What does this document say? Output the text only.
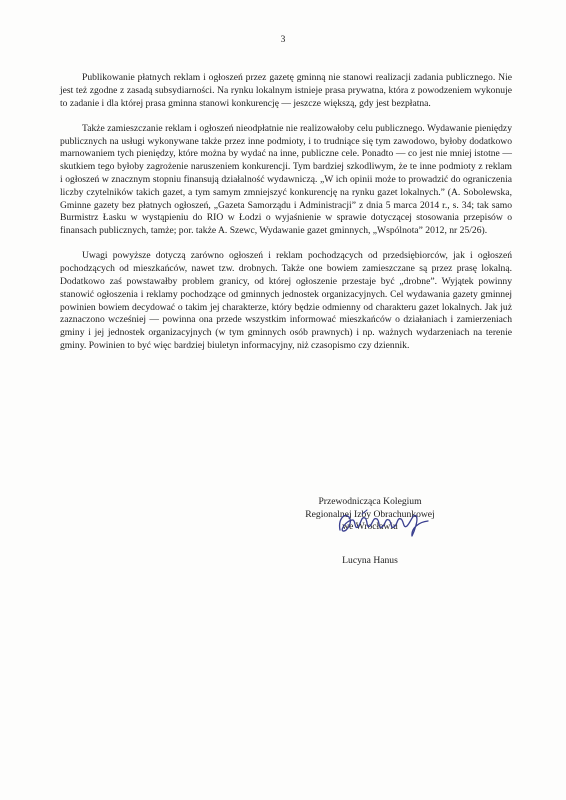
3

Publikowanie płatnych reklam i ogłoszeń przez gazetę gminną nie stanowi realizacji zadania publicznego. Nie jest też zgodne z zasadą subsydiarności. Na rynku lokalnym istnieje prasa prywatna, która z powodzeniem wykonuje to zadanie i dla której prasa gminna stanowi konkurencję — jeszcze większą, gdy jest bezpłatna.

Także zamieszczanie reklam i ogłoszeń nieodpłatnie nie realizowałoby celu publicznego. Wydawanie pieniędzy publicznych na usługi wykonywane także przez inne podmioty, i to trudniące się tym zawodowo, byłoby dodatkowo marnowaniem tych pieniędzy, które można by wydać na inne, publiczne cele. Ponadto — co jest nie mniej istotne — skutkiem tego byłoby zagrożenie naruszeniem konkurencji. Tym bardziej szkodliwym, że te inne podmioty z reklam i ogłoszeń w znacznym stopniu finansują działalność wydawniczą. „W ich opinii może to prowadzić do ograniczenia liczby czytelników takich gazet, a tym samym zmniejszyć konkurencję na rynku gazet lokalnych.” (A. Sobolewska, Gminne gazety bez płatnych ogłoszeń, „Gazeta Samorządu i Administracji” z dnia 5 marca 2014 r., s. 34; tak samo Burmistrz Łasku w wystąpieniu do RIO w Łodzi o wyjaśnienie w sprawie dotyczącej stosowania przepisów o finansach publicznych, tamże; por. także A. Szewc, Wydawanie gazet gminnych, „Wspólnota” 2012, nr 25/26).

Uwagi powyższe dotyczą zarówno ogłoszeń i reklam pochodzących od przedsiębiorców, jak i ogłoszeń pochodzących od mieszkańców, nawet tzw. drobnych. Także one bowiem zamieszczane są przez prasę lokalną. Dodatkowo zaś powstawałby problem granicy, od której ogłoszenie przestaje być „drobne”. Wyjątek powinny stanowić ogłoszenia i reklamy pochodzące od gminnych jednostek organizacyjnych. Cel wydawania gazety gminnej powinien bowiem decydować o takim jej charakterze, który będzie odmienny od charakteru gazet lokalnych. Jak już zaznaczono wcześniej — powinna ona przede wszystkim informować mieszkańców o działaniach i zamierzeniach gminy i jej jednostek organizacyjnych (w tym gminnych osób prawnych) i np. ważnych wydarzeniach na terenie gminy. Powinien to być więc bardziej biuletyn informacyjny, niż czasopismo czy dziennik.

Przewodnicząca Kolegium
Regionalnej Izby Obrachunkowej
we Wrocławiu
Lucyna Hanus
